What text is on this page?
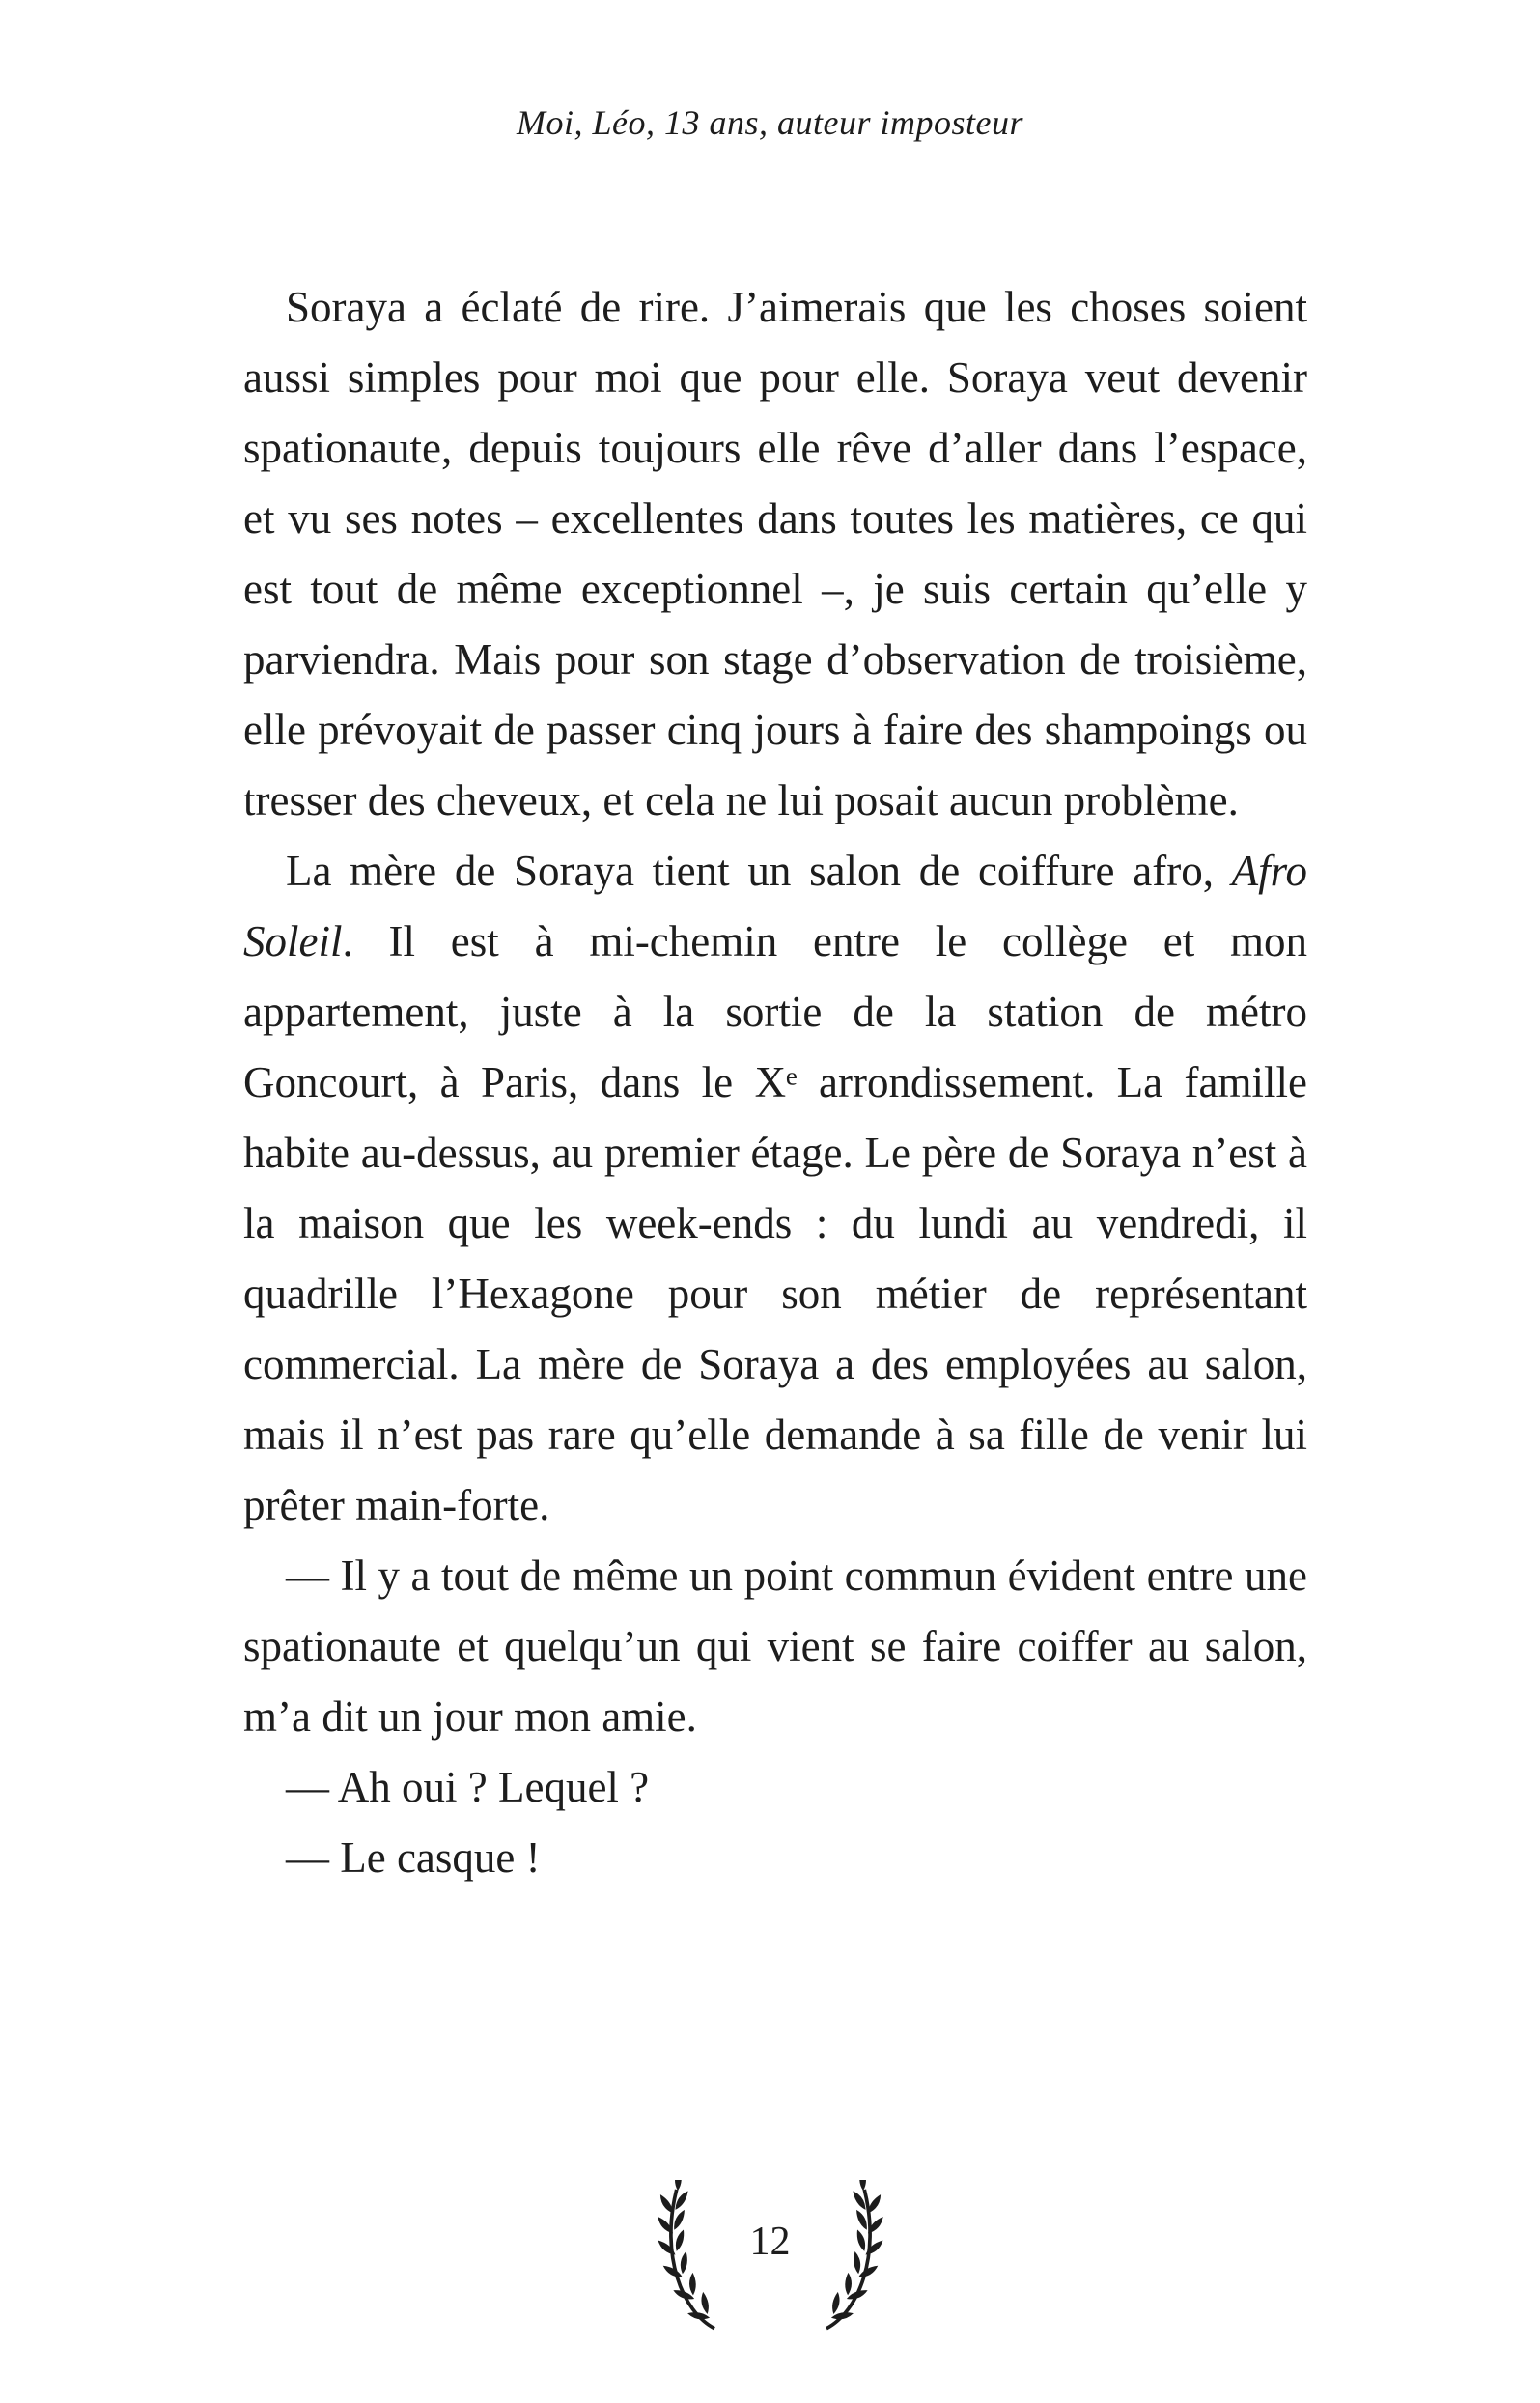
Moi, Léo, 13 ans, auteur imposteur

Soraya a éclaté de rire. J’aimerais que les choses soient aussi simples pour moi que pour elle. Soraya veut devenir spationaute, depuis toujours elle rêve d’aller dans l’espace, et vu ses notes – excellentes dans toutes les matières, ce qui est tout de même exceptionnel –, je suis certain qu’elle y parviendra. Mais pour son stage d’observation de troisième, elle prévoyait de passer cinq jours à faire des shampoings ou tresser des cheveux, et cela ne lui posait aucun problème.

La mère de Soraya tient un salon de coiffure afro, Afro Soleil. Il est à mi-chemin entre le collège et mon appartement, juste à la sortie de la station de métro Goncourt, à Paris, dans le Xᵉ arrondissement. La famille habite au-dessus, au premier étage. Le père de Soraya n’est à la maison que les week-ends : du lundi au vendredi, il quadrille l’Hexagone pour son métier de représentant commercial. La mère de Soraya a des employées au salon, mais il n’est pas rare qu’elle demande à sa fille de venir lui prêter main-forte.

— Il y a tout de même un point commun évident entre une spationaute et quelqu’un qui vient se faire coiffer au salon, m’a dit un jour mon amie.

— Ah oui ? Lequel ?

— Le casque !

12
